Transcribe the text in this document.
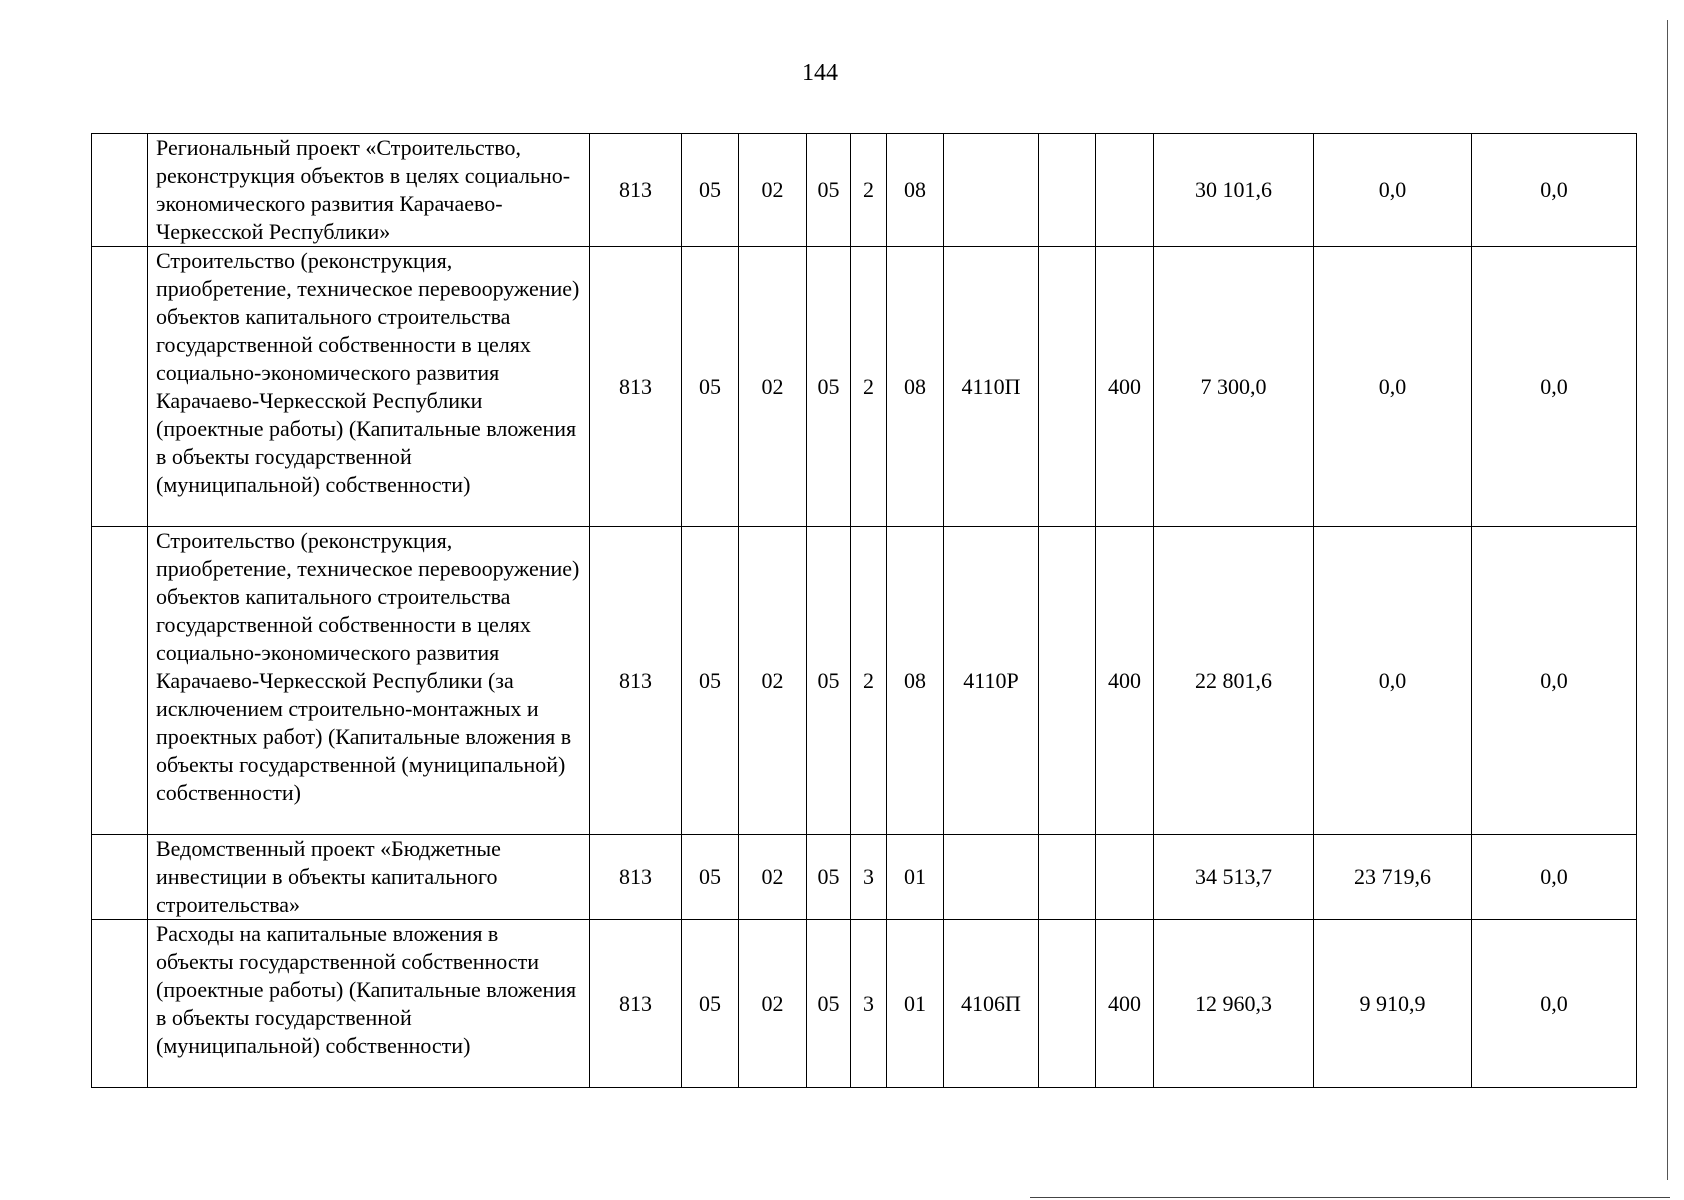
144
	Региональный проект «Строительство, реконструкция объектов в целях социально-экономического развития Карачаево-Черкесской Республики»	813	05	02	05	2	08				30 101,6	0,0	0,0
	Строительство (реконструкция, приобретение, техническое перевооружение) объектов капитального строительства государственной собственности в целях социально-экономического развития Карачаево-Черкесской Республики (проектные работы) (Капитальные вложения в объекты государственной (муниципальной) собственности)	813	05	02	05	2	08	4110П		400	7 300,0	0,0	0,0
	Строительство (реконструкция, приобретение, техническое перевооружение) объектов капитального строительства государственной собственности в целях социально-экономического развития Карачаево-Черкесской Республики (за исключением строительно-монтажных и проектных работ) (Капитальные вложения в объекты государственной (муниципальной) собственности)	813	05	02	05	2	08	4110Р		400	22 801,6	0,0	0,0
	Ведомственный проект «Бюджетные инвестиции в объекты капитального строительства»	813	05	02	05	3	01				34 513,7	23 719,6	0,0
	Расходы на капитальные вложения в объекты государственной собственности (проектные работы) (Капитальные вложения в объекты государственной (муниципальной) собственности)	813	05	02	05	3	01	4106П		400	12 960,3	9 910,9	0,0
